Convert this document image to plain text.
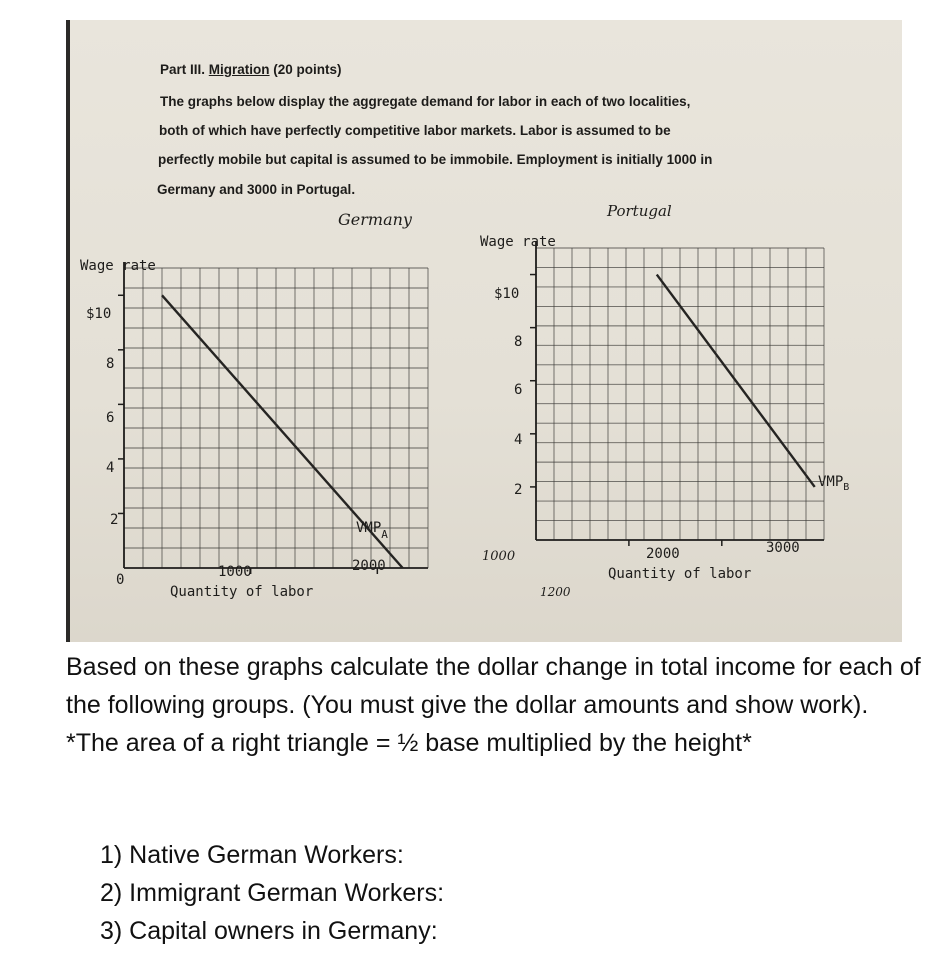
Part III. Migration (20 points)
The graphs below display the aggregate demand for labor in each of two localities,
both of which have perfectly competitive labor markets. Labor is assumed to be
perfectly mobile but capital is assumed to be immobile. Employment is initially 1000 in
Germany and 3000 in Portugal.
Germany	Portugal
Wage rate
$10
8
6
4
2
0	1000	2000
Quantity of labor
$VMP_A$
Wage rate
$10
8
6
4
2
2000	3000
Quantity of labor
$VMP_B$
1000
1200
Based on these graphs calculate the dollar change in total income for each of the following groups. (You must give the dollar amounts and show work).
*The area of a right triangle = ½ base multiplied by the height*
1) Native German Workers:
2) Immigrant German Workers:
3) Capital owners in Germany:
